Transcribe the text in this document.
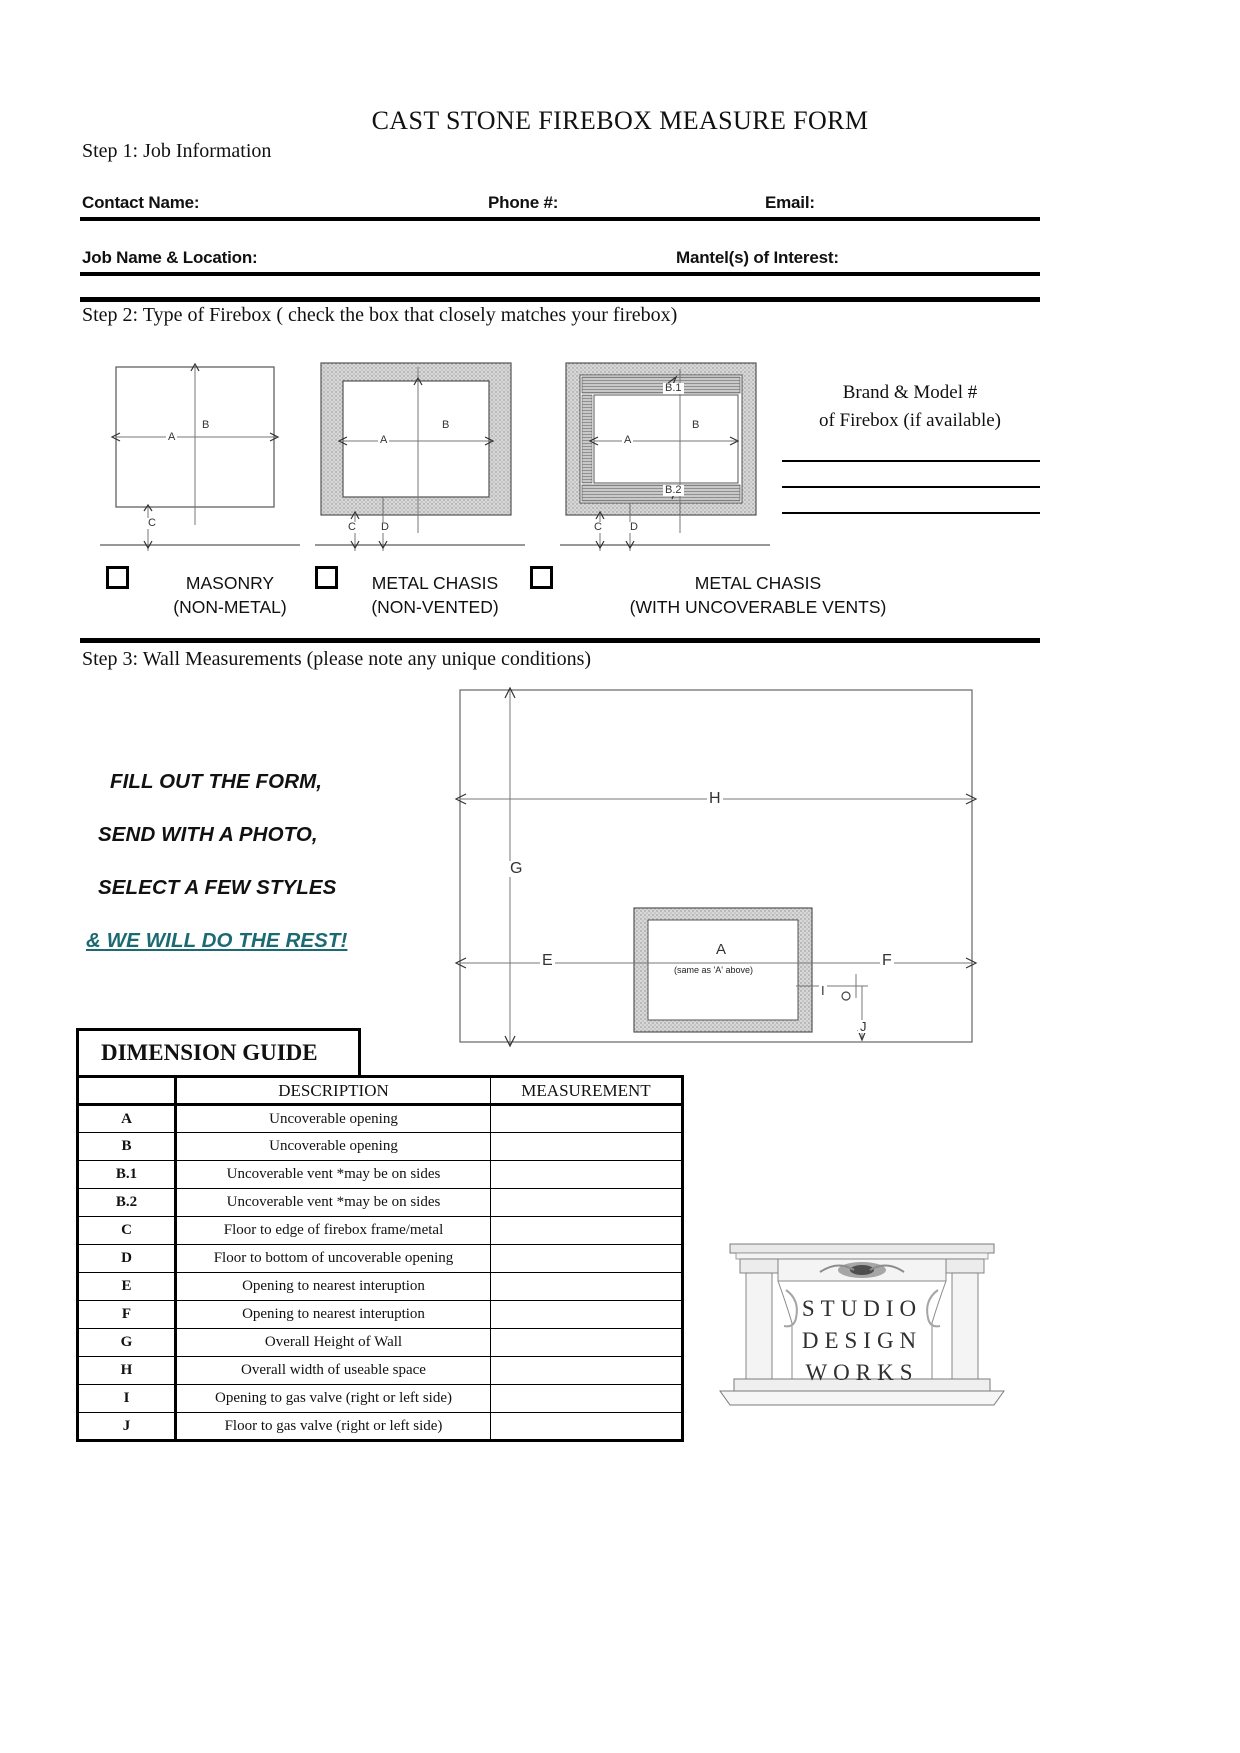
CAST STONE FIREBOX MEASURE FORM
Step 1: Job Information
Contact Name:	Phone #:	Email:
Job Name & Location:	Mantel(s) of Interest:
Step 2: Type of Firebox ( check the box that closely matches your firebox)
A
B
C
A
B
C D
A
B
B.1
B.2
C	D
Brand & Model #
of Firebox (if available)
MASONRY
(NON-METAL)
METAL CHASIS
(NON-VENTED)
METAL CHASIS
(WITH UNCOVERABLE VENTS)
Step 3: Wall Measurements (please note any unique conditions)
FILL OUT THE FORM,
SEND WITH A PHOTO,
SELECT A FEW STYLES
& WE WILL DO THE REST!
H
G
E	F
A
(same as 'A' above)
I
J
DIMENSION GUIDE
	DESCRIPTION	MEASUREMENT
A	Uncoverable opening	
B	Uncoverable opening	
B.1	Uncoverable vent *may be on sides	
B.2	Uncoverable vent *may be on sides	
C	Floor to edge of firebox frame/metal	
D	Floor to bottom of uncoverable opening	
E	Opening to nearest interuption	
F	Opening to nearest interuption	
G	Overall Height of Wall	
H	Overall width of useable space	
I	Opening to gas valve (right or left side)	
J	Floor to gas valve (right or left side)	
STUDIO
DESIGN
WORKS
